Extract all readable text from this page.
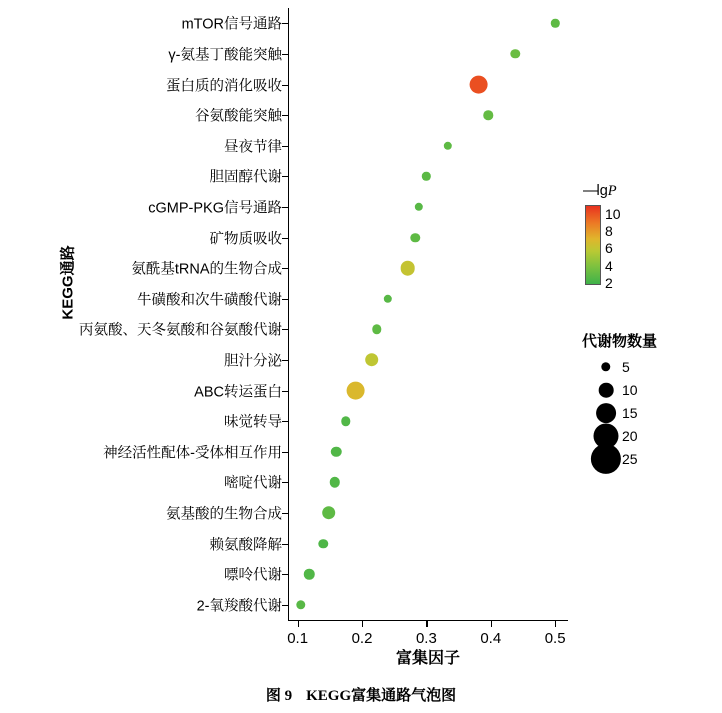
KEGG通路
mTOR信号通路
γ-氨基丁酸能突触
蛋白质的消化吸收
谷氨酸能突触
昼夜节律
胆固醇代谢
cGMP-PKG信号通路
矿物质吸收
氨酰基tRNA的生物合成
牛磺酸和次牛磺酸代谢
丙氨酸、天冬氨酸和谷氨酸代谢
胆汁分泌
ABC转运蛋白
味觉转导
神经活性配体-受体相互作用
嘧啶代谢
氨基酸的生物合成
赖氨酸降解
嘌呤代谢
2-氧羧酸代谢
0.1	0.2	0.3	0.4	0.5
富集因子
—lgP
10
8
6
4
2
代谢物数量
5
10
15
20
25
图 9 KEGG富集通路气泡图
